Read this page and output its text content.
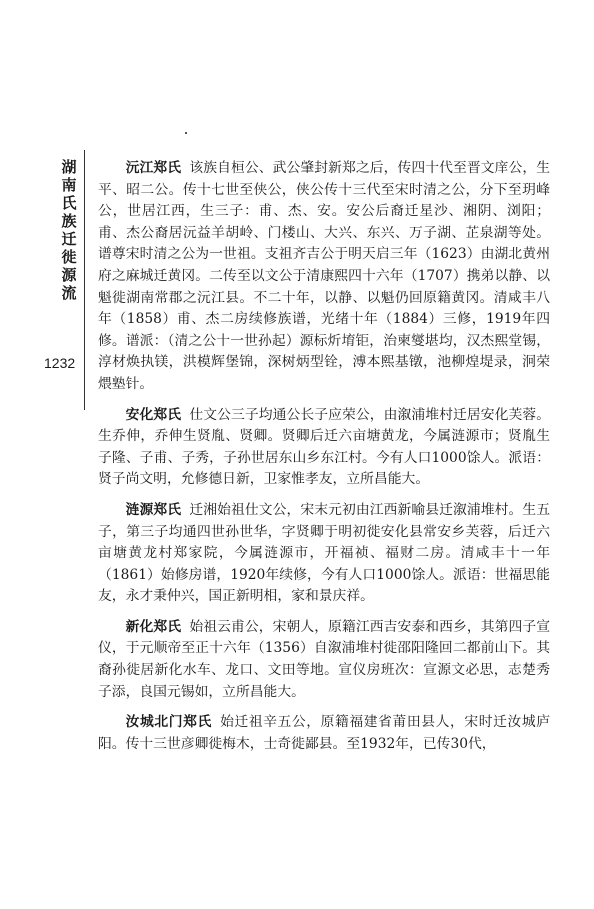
湖
南
氏
族
迁
徙
源
流
1232

沅江郑氏 该族自桓公、武公肇封新郑之后，传四十代至晋文庠公，生平、昭二公。传十七世至侠公，侠公传十三代至宋时清之公，分下至玥峰公，世居江西，生三子：甫、杰、安。安公后裔迁星沙、湘阴、浏阳；甫、杰公裔居沅益羊胡岭、门楼山、大兴、东兴、万子湖、芷泉湖等处。谱尊宋时清之公为一世祖。支祖齐吉公于明天启三年（1623）由湖北黄州府之麻城迁黄冈。二传至以文公于清康熙四十六年（1707）携弟以静、以魁徙湖南常郡之沅江县。不二十年，以静、以魁仍回原籍黄冈。清咸丰八年（1858）甫、杰二房续修族谱，光绪十年（1884）三修，1919年四修。谱派：（清之公十一世孙起）源标炘堉钜，治柬燮堪均，汉杰熙堂锡，淳材焕执镁，洪模辉堡锦，深树炳型铨，溥本熙基镦，池柳煌堤录，泂荣煨塾针。

安化郑氏 仕文公三子均通公长子应荣公，由溆浦堆村迁居安化芙蓉。生乔伸，乔伸生贤胤、贤卿。贤卿后迁六亩塘黄龙，今属涟源市；贤胤生子隆、子甫、子秀，子孙世居东山乡东江村。今有人口1000馀人。派语：贤子尚文明，允修德日新，卫家惟孝友，立所昌能大。

涟源郑氏 迁湘始祖仕文公，宋末元初由江西新喻县迁溆浦堆村。生五子，第三子均通四世孙世华，字贤卿于明初徙安化县常安乡芙蓉，后迁六亩塘黄龙村郑家院，今属涟源市，开福祯、福财二房。清咸丰十一年（1861）始修房谱，1920年续修，今有人口1000馀人。派语：世福思能友，永才秉仲兴，国正新明相，家和景庆祥。

新化郑氏 始祖云甫公，宋朝人，原籍江西吉安泰和西乡，其第四子宣仪，于元顺帝至正十六年（1356）自溆浦堆村徙邵阳隆回二都前山下。其裔孙徙居新化水车、龙口、文田等地。宣仪房班次：宣源文必思，志楚秀子添，良国元锡如，立所昌能大。

汝城北门郑氏 始迁祖辛五公，原籍福建省莆田县人，宋时迁汝城庐阳。传十三世彦卿徙梅木，士奇徙鄙县。至1932年，已传30代，
